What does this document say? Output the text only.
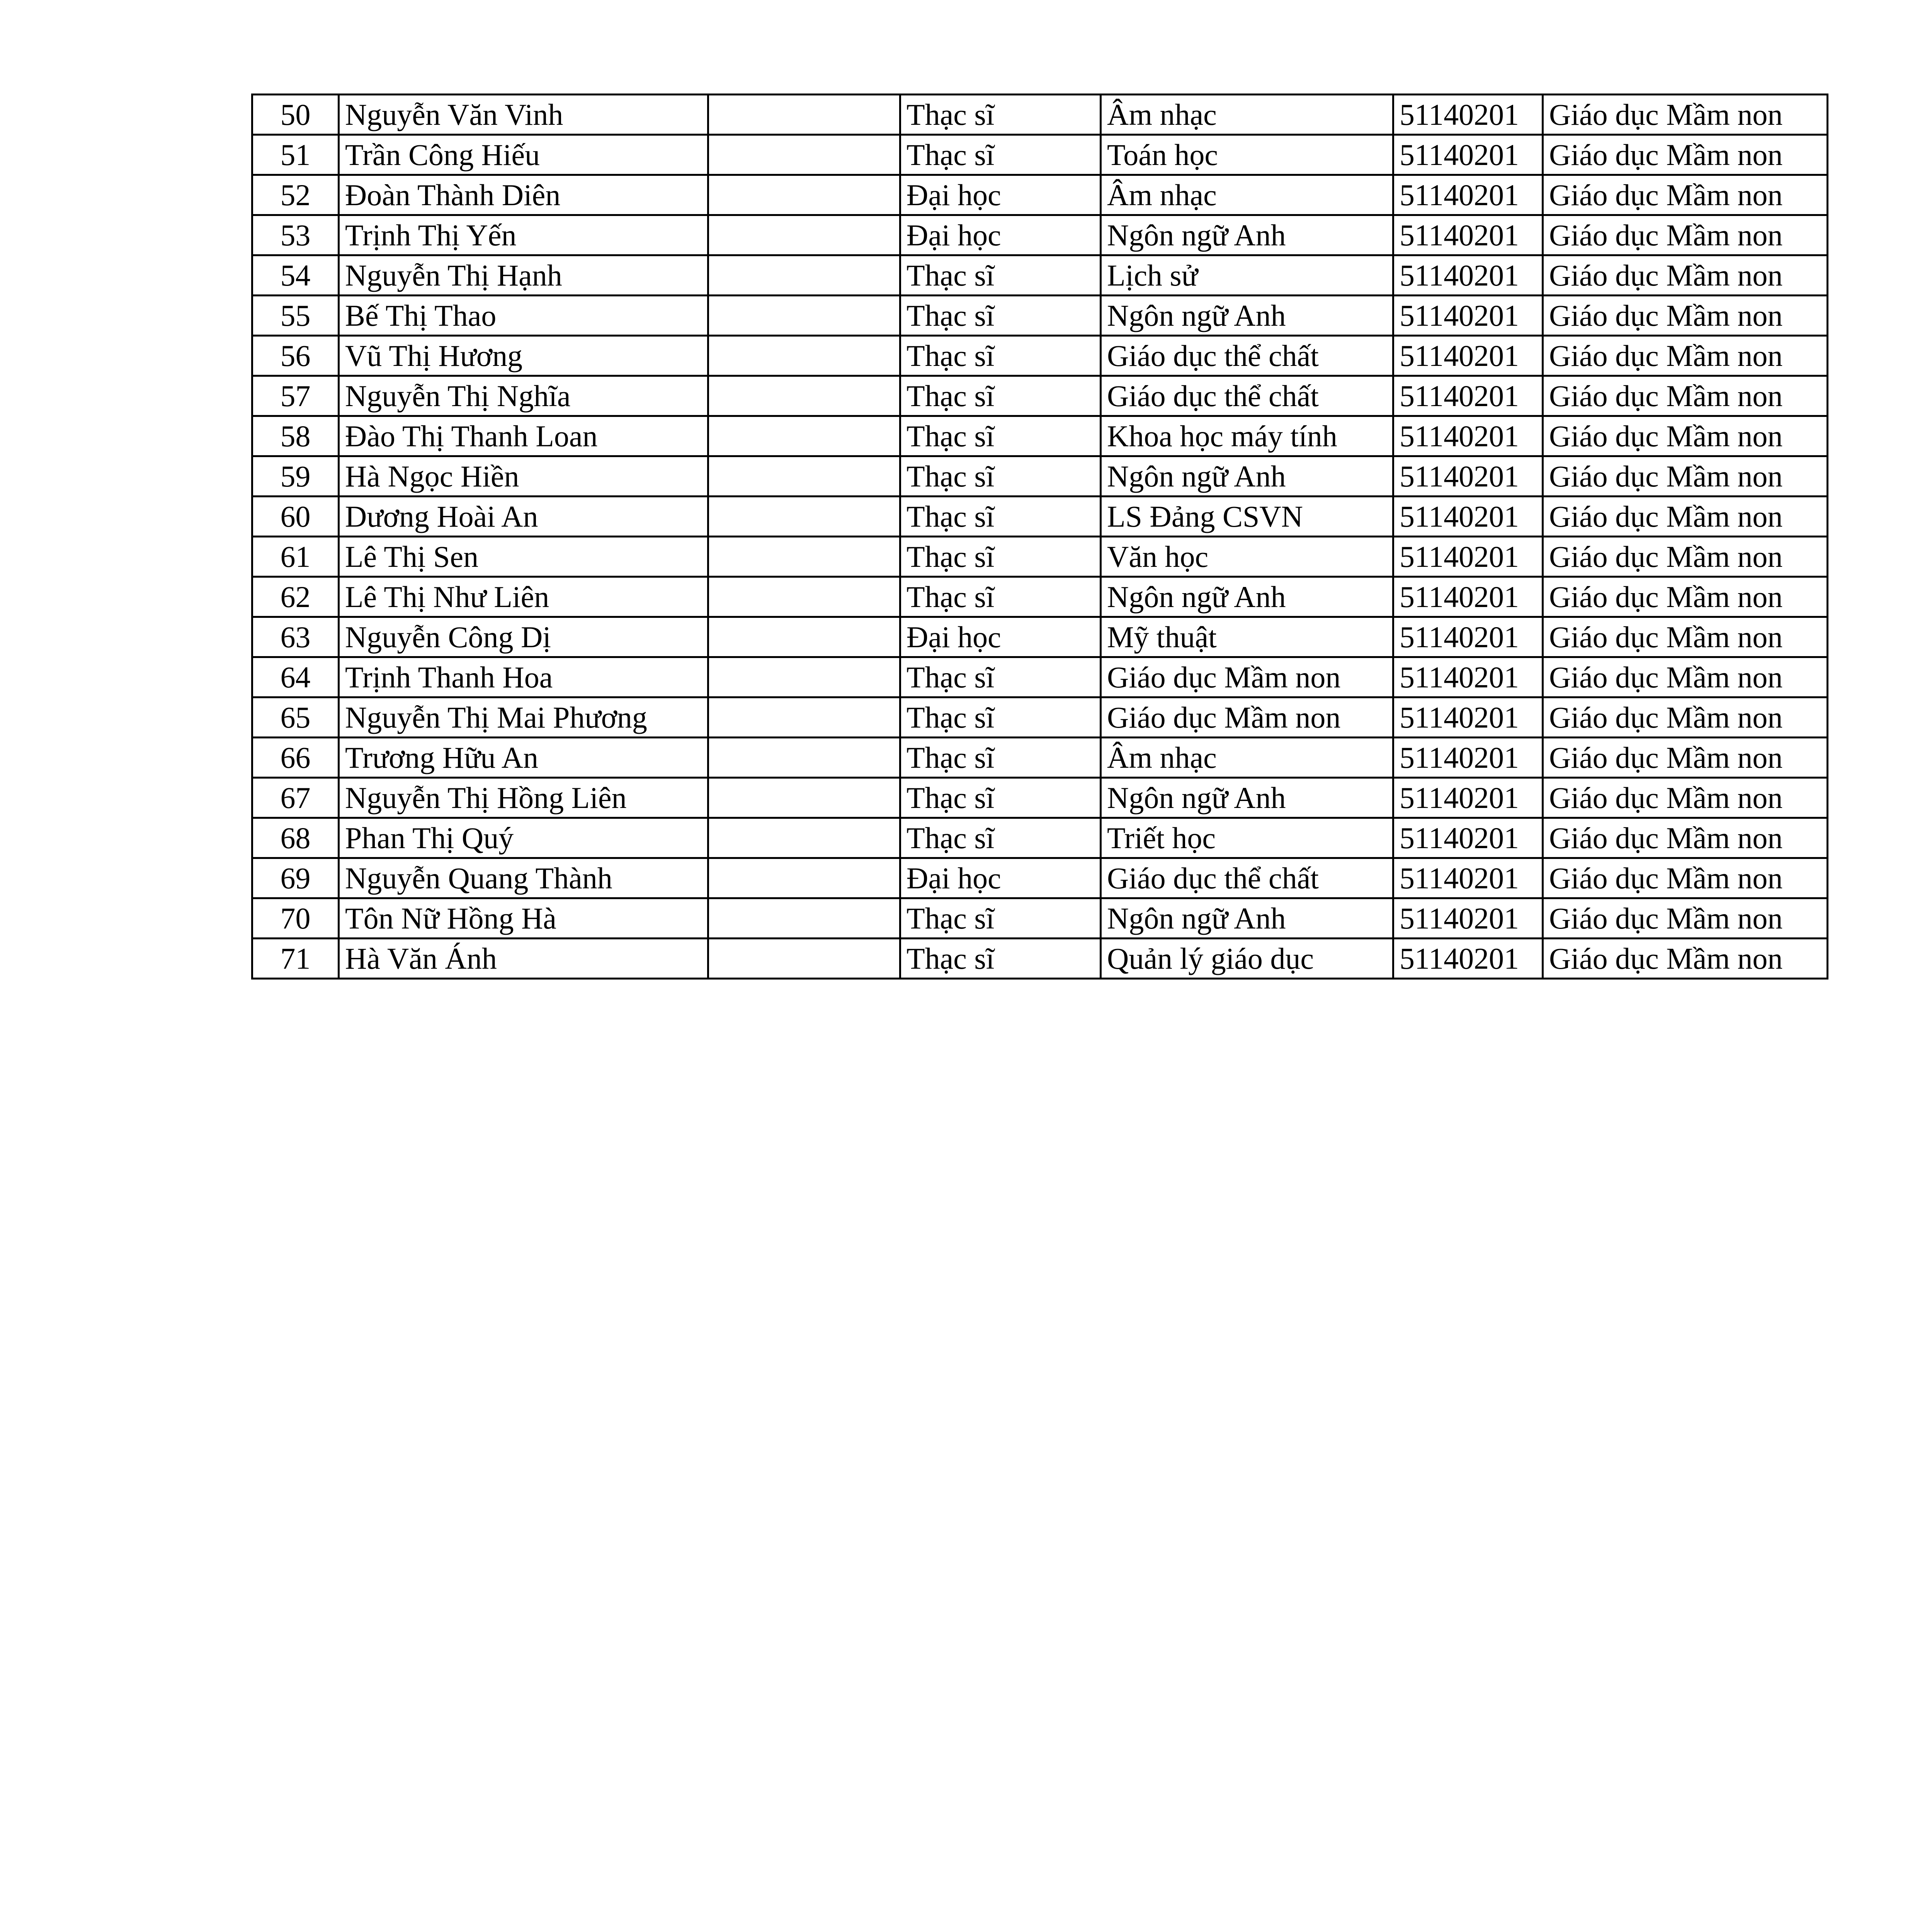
50	Nguyễn Văn Vinh		Thạc sĩ	Âm nhạc	51140201	Giáo dục Mầm non
51	Trần Công Hiếu		Thạc sĩ	Toán học	51140201	Giáo dục Mầm non
52	Đoàn Thành Diên		Đại học	Âm nhạc	51140201	Giáo dục Mầm non
53	Trịnh Thị Yến		Đại học	Ngôn ngữ Anh	51140201	Giáo dục Mầm non
54	Nguyễn Thị Hạnh		Thạc sĩ	Lịch sử	51140201	Giáo dục Mầm non
55	Bế Thị Thao		Thạc sĩ	Ngôn ngữ Anh	51140201	Giáo dục Mầm non
56	Vũ Thị Hương		Thạc sĩ	Giáo dục thể chất	51140201	Giáo dục Mầm non
57	Nguyễn Thị Nghĩa		Thạc sĩ	Giáo dục thể chất	51140201	Giáo dục Mầm non
58	Đào Thị Thanh Loan		Thạc sĩ	Khoa học máy tính	51140201	Giáo dục Mầm non
59	Hà Ngọc Hiền		Thạc sĩ	Ngôn ngữ Anh	51140201	Giáo dục Mầm non
60	Dương Hoài An		Thạc sĩ	LS Đảng CSVN	51140201	Giáo dục Mầm non
61	Lê Thị Sen		Thạc sĩ	Văn học	51140201	Giáo dục Mầm non
62	Lê Thị Như Liên		Thạc sĩ	Ngôn ngữ Anh	51140201	Giáo dục Mầm non
63	Nguyễn Công Dị		Đại học	Mỹ thuật	51140201	Giáo dục Mầm non
64	Trịnh Thanh Hoa		Thạc sĩ	Giáo dục Mầm non	51140201	Giáo dục Mầm non
65	Nguyễn Thị Mai Phương		Thạc sĩ	Giáo dục Mầm non	51140201	Giáo dục Mầm non
66	Trương Hữu An		Thạc sĩ	Âm nhạc	51140201	Giáo dục Mầm non
67	Nguyễn Thị Hồng Liên		Thạc sĩ	Ngôn ngữ Anh	51140201	Giáo dục Mầm non
68	Phan Thị Quý		Thạc sĩ	Triết học	51140201	Giáo dục Mầm non
69	Nguyễn Quang Thành		Đại học	Giáo dục thể chất	51140201	Giáo dục Mầm non
70	Tôn Nữ Hồng Hà		Thạc sĩ	Ngôn ngữ Anh	51140201	Giáo dục Mầm non
71	Hà Văn Ánh		Thạc sĩ	Quản lý giáo dục	51140201	Giáo dục Mầm non
